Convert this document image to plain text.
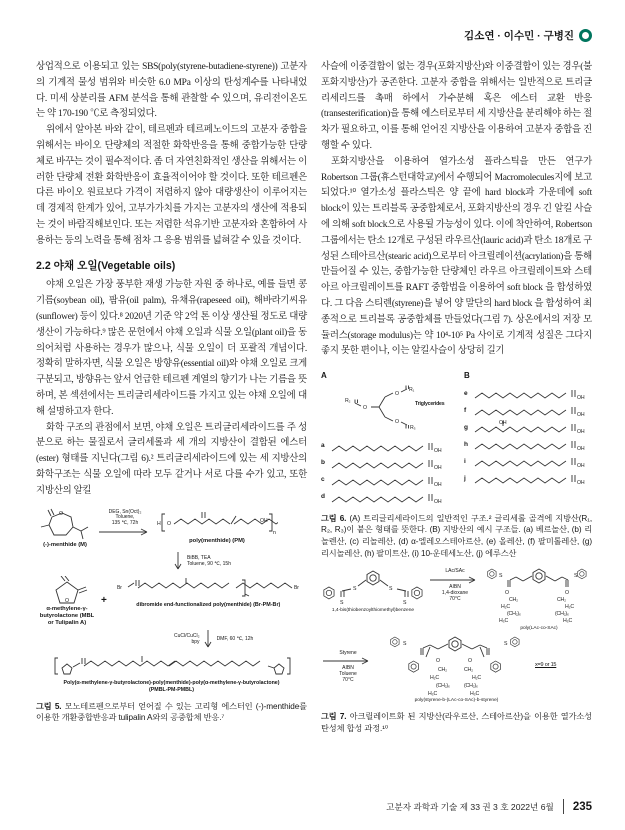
김소연 · 이수민 · 구병진

상업적으로 이용되고 있는 SBS(poly(styrene-butadiene-styrene)) 고분자의 기계적 물성 범위와 비슷한 6.0 MPa 이상의 탄성계수를 나타내었다. 미세 상분리를 AFM 분석을 통해 관찰할 수 있으며, 유리전이온도는 약 170-190 ℃로 측정되었다.

위에서 알아본 바와 같이, 테르펜과 테르페노이드의 고분자 중합을 위해서는 바이오 단량체의 적절한 화학반응을 통해 중합가능한 단량체로 바꾸는 것이 필수적이다. 좀 더 자연친화적인 생산을 위해서는 이러한 단량체 전환 화학반응이 효율적이어야 할 것이다. 또한 테르펜은 다른 바이오 원료보다 가격이 저렴하지 않아 대량생산이 이루어지는 데 경제적 한계가 있어, 고부가가치를 가지는 고분자의 생산에 적용되는 것이 바람직해보인다. 또는 저렴한 석유기반 고분자와 혼합하여 사용하는 등의 노력을 통해 점차 그 응용 범위를 넓혀갈 수 있을 것이다.

2.2 야채 오일(Vegetable oils)

야채 오일은 가장 풍부한 재생 가능한 자원 중 하나로, 예를 들면 콩기름(soybean oil), 팜유(oil palm), 유채유(rapeseed oil), 해바라기씨유(sunflower) 등이 있다.⁸ 2020년 기준 약 2억 톤 이상 생산될 정도로 대량생산이 가능하다.⁹ 많은 문헌에서 야채 오일과 식물 오일(plant oil)을 동의어처럼 사용하는 경우가 많으나, 식물 오일이 더 포괄적 개념이다. 정확히 말하자면, 식물 오일은 방향유(essential oil)와 야채 오일로 크게 구분되고, 방향유는 앞서 언급한 테르펜 계열의 향기가 나는 기름을 뜻하며, 본 섹션에서는 트리글리세라이드를 가지고 있는 야채 오일에 대해 설명하고자 한다.

화학 구조의 관점에서 보면, 야채 오일은 트리글리세라이드를 주 성분으로 하는 물질로서 글리세롤과 세 개의 지방산이 결합된 에스터(ester) 형태를 지닌다(그림 6).² 트리글리세라이드에 있는 세 지방산의 화학구조는 식물 오일에 따라 모두 같거나 서로 다를 수가 있고, 또한 지방산의 알킬

O
(-)-menthide (M)
DEG, Sn(Oct)₂
Toluene,
135 ℃, 72h	H O
n
OH
poly(menthide) (PM)
BiBB, TEA
Toluene, 90 ℃, 15h
O
α-methylene-γ-
butyrolactone (MBL
or Tulipalin A)
+
Br	Br
dibromide end-functionalized poly(menthide) (Br-PM-Br)
CuCl/CuCl₂
bpy	DMF, 60 ℃, 12h
Poly(α-methylene-γ-butyrolactone)-poly(menthide)-poly(α-methylene-γ-butyrolactone)
(PMBL-PM-PMBL)
그림 5. 모노테르펜으로부터 얻어질 수 있는 고리형 에스터인 (-)-menthide를 이용한 개환중합반응과 tulipalin A와의 공중합체 반응.⁷

사슬에 이중결합이 없는 경우(포화지방산)와 이중결합이 있는 경우(불포화지방산)가 공존한다. 고분자 중합을 위해서는 일반적으로 트리글리세리드를 촉매 하에서 가수분해 혹은 에스터 교환 반응(transesterification)을 통해 에스터로부터 세 지방산을 분리해야 하는 절차가 필요하고, 이를 통해 얻어진 지방산을 이용하여 고분자 중합을 진행할 수 있다.

포화지방산을 이용하여 열가소성 플라스틱을 만든 연구가 Robertson 그룹(휴스턴대학교)에서 수행되어 Macromolecules지에 보고되었다.¹⁰ 열가소성 플라스틱은 양 끝에 hard block과 가운데에 soft block이 있는 트리블록 공중합체로서, 포화지방산의 경우 긴 알킬 사슬에 의해 soft block으로 사용될 가능성이 있다. 이에 착안하여, Robertson 그룹에서는 탄소 12개로 구성된 라우르산(lauric acid)과 탄소 18개로 구성된 스테아르산(stearic acid)으로부터 아크릴레이션(acrylation)을 통해 만들어질 수 있는, 중합가능한 단량체인 라우르 아크릴레이트와 스테아르 아크릴레이트를 RAFT 중합법을 이용하여 soft block 을 합성하였다. 그 다음 스티렌(styrene)을 넣어 양 말단의 hard block 을 합성하여 최종적으로 트리블록 공중합체를 만들었다(그림 7). 상온에서의 저장 모듈러스(storage modulus)는 약 10⁴-10⁵ Pa 사이로 기계적 성질은 그다지 좋지 못한 편이나, 이는 알킬사슬이 상당히 길기

A
O
O
O
R₁
R₂
R₃
Triglycerides
a
OH
b
OH
c
OH
d
OH
B
e
OH
f
OH
g
OH
OH
h
OH
i
OH
j
OH
그림 6. (A) 트리글리세라이드의 일반적인 구조.² 글리세롤 골격에 지방산(R₁, R₂, R₃)이 붙은 형태를 뜻한다. (B) 지방산의 예시 구조들. (a) 베르놀산, (b) 리놀렌산, (c) 리놀레산, (d) α-엘레오스테아르산, (e) 올레산, (f) 팔미톨레산, (g) 리시놀레산, (h) 팔미트산, (i) 10-운데세노산, (j) 에루스산
S	S
S	S
1,4-bis(thiobenzoylthiomethyl)benzene
LAc/SAc
AIBN
1,4-dioxane
70°C
S	S
O	O
CH₂	CH₂
H₂C	H₂C
(CH₂)ₓ	(CH₂)ₓ
H₃C	H₃C
poly(LAc-co-SAc)
Styrene
AIBN
Toluene
70°C
S	S
O	O
CH₂	CH₂
H₂C	H₂C
(CH₂)ₓ	(CH₂)ₓ
H₃C	H₃C
x=9 or 15
poly(styrene-b-(LAc-co-SAc)-b-styrene)
그림 7. 아크릴레이트화 된 지방산(라우르산, 스테아르산)을 이용한 열가소성 탄성체 합성 과정.¹⁰
고분자 과학과 기술 제 33 권 3 호 2022년 6월 235
